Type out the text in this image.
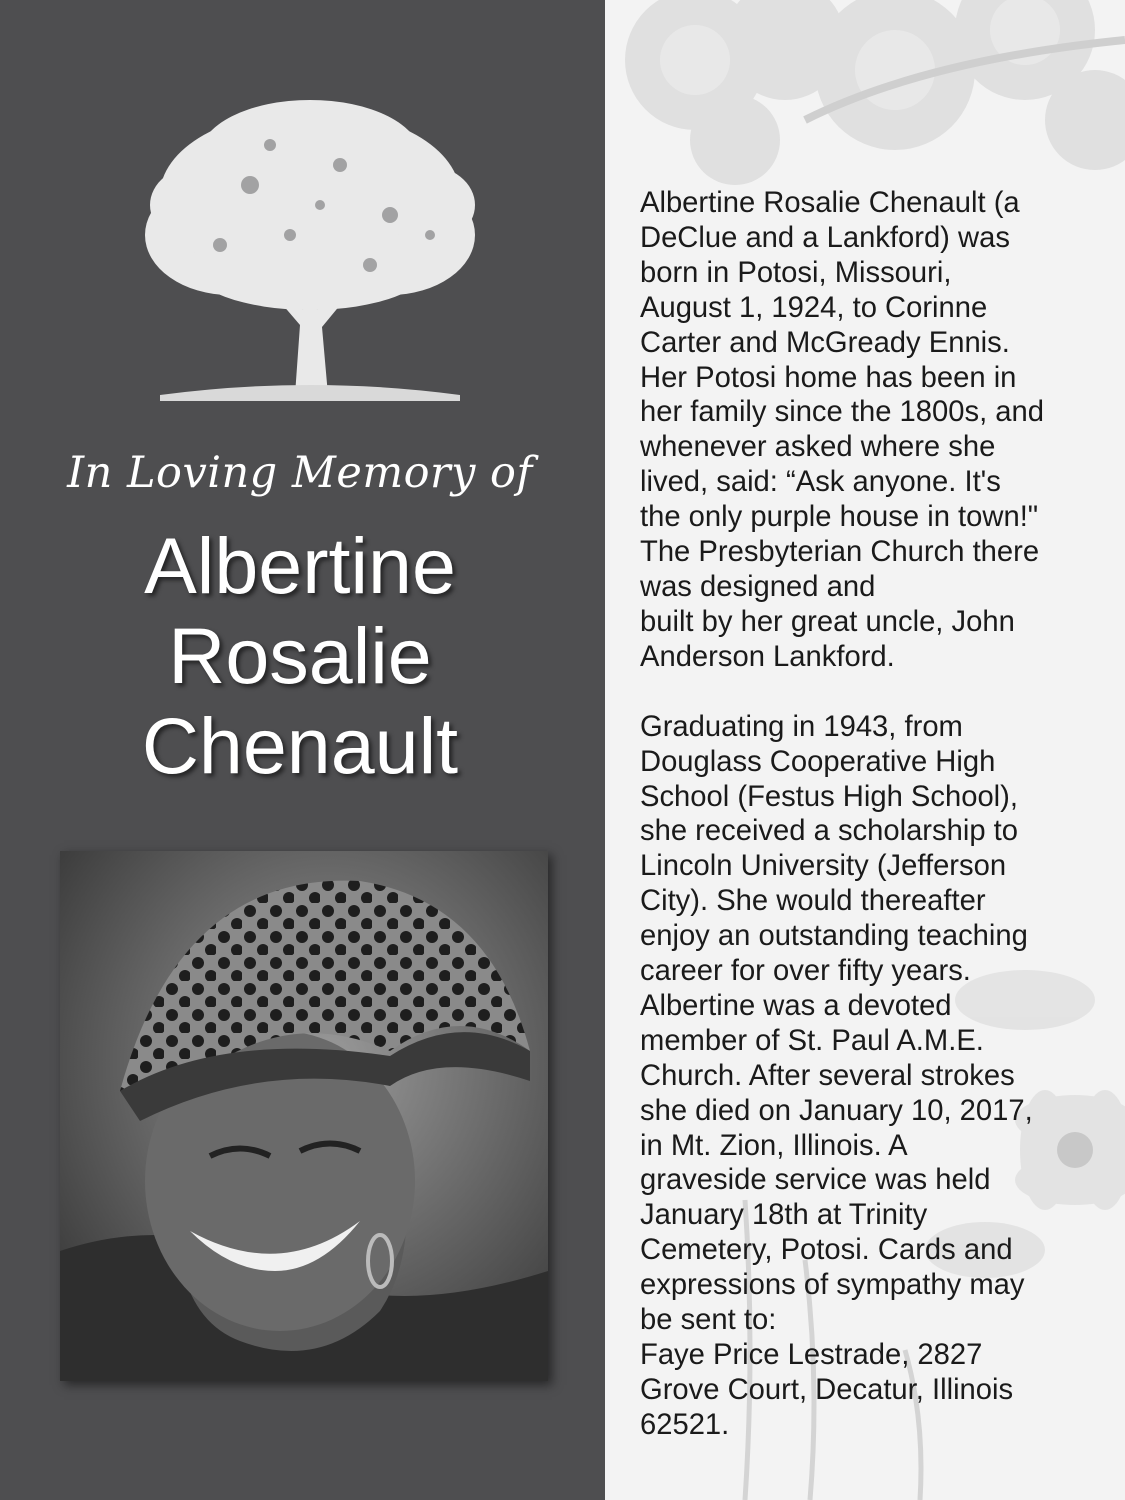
In Loving Memory of
Albertine
Rosalie
Chenault

Albertine Rosalie Chenault (a
DeClue and a Lankford) was
born in Potosi, Missouri,
August 1, 1924, to Corinne
Carter and McGready Ennis.
Her Potosi home has been in
her family since the 1800s, and
whenever asked where she
lived, said: “Ask anyone. It's
the only purple house in town!"
The Presbyterian Church there
was designed and
built by her great uncle, John
Anderson Lankford.

Graduating in 1943, from
Douglass Cooperative High
School (Festus High School),
she received a scholarship to
Lincoln University (Jefferson
City). She would thereafter
enjoy an outstanding teaching
career for over fifty years.
Albertine was a devoted
member of St. Paul A.M.E.
Church. After several strokes
she died on January 10, 2017,
in Mt. Zion, Illinois. A
graveside service was held
January 18th at Trinity
Cemetery, Potosi. Cards and
expressions of sympathy may
be sent to:
Faye Price Lestrade, 2827
Grove Court, Decatur, Illinois
62521.
